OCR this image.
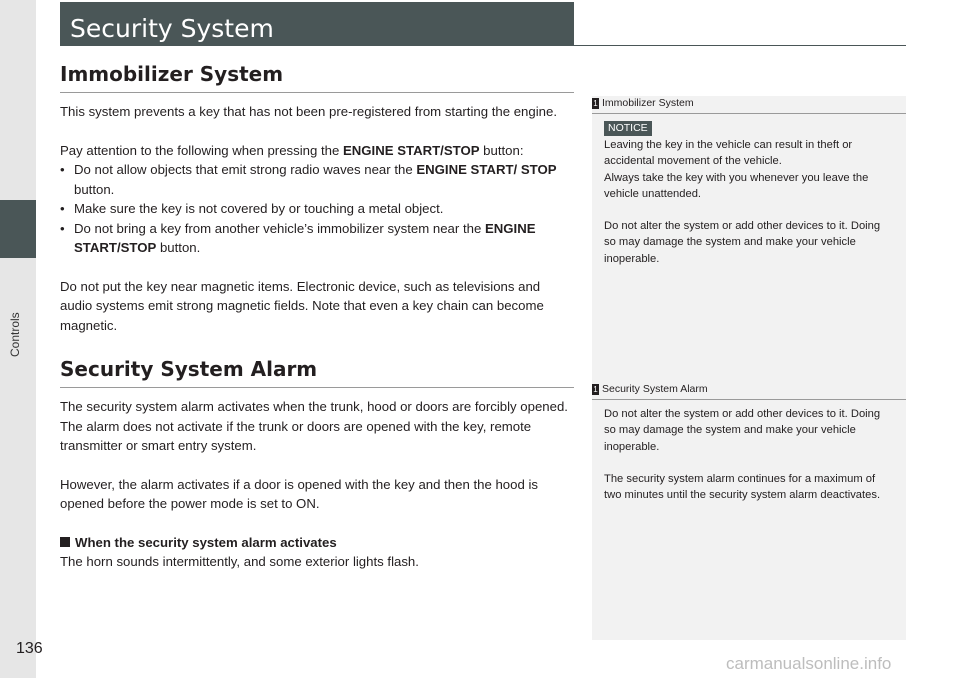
Controls
Security System
Immobilizer System

This system prevents a key that has not been pre-registered from starting the engine.

Pay attention to the following when pressing the ENGINE START/STOP button:

• Do not allow objects that emit strong radio waves near the ENGINE START/ STOP button.
• Make sure the key is not covered by or touching a metal object.
• Do not bring a key from another vehicle’s immobilizer system near the ENGINE START/STOP button.

Do not put the key near magnetic items. Electronic device, such as televisions and audio systems emit strong magnetic fields. Note that even a key chain can become magnetic.

Security System Alarm

The security system alarm activates when the trunk, hood or doors are forcibly opened. The alarm does not activate if the trunk or doors are opened with the key, remote transmitter or smart entry system.

However, the alarm activates if a door is opened with the key and then the hood is opened before the power mode is set to ON.

When the security system alarm activates

The horn sounds intermittently, and some exterior lights flash.

1 Immobilizer System
NOTICE

Leaving the key in the vehicle can result in theft or accidental movement of the vehicle.

Always take the key with you whenever you leave the vehicle unattended.

Do not alter the system or add other devices to it. Doing so may damage the system and make your vehicle inoperable.

1 Security System Alarm

Do not alter the system or add other devices to it. Doing so may damage the system and make your vehicle inoperable.

The security system alarm continues for a maximum of two minutes until the security system alarm deactivates.

136
carmanualsonline.info
